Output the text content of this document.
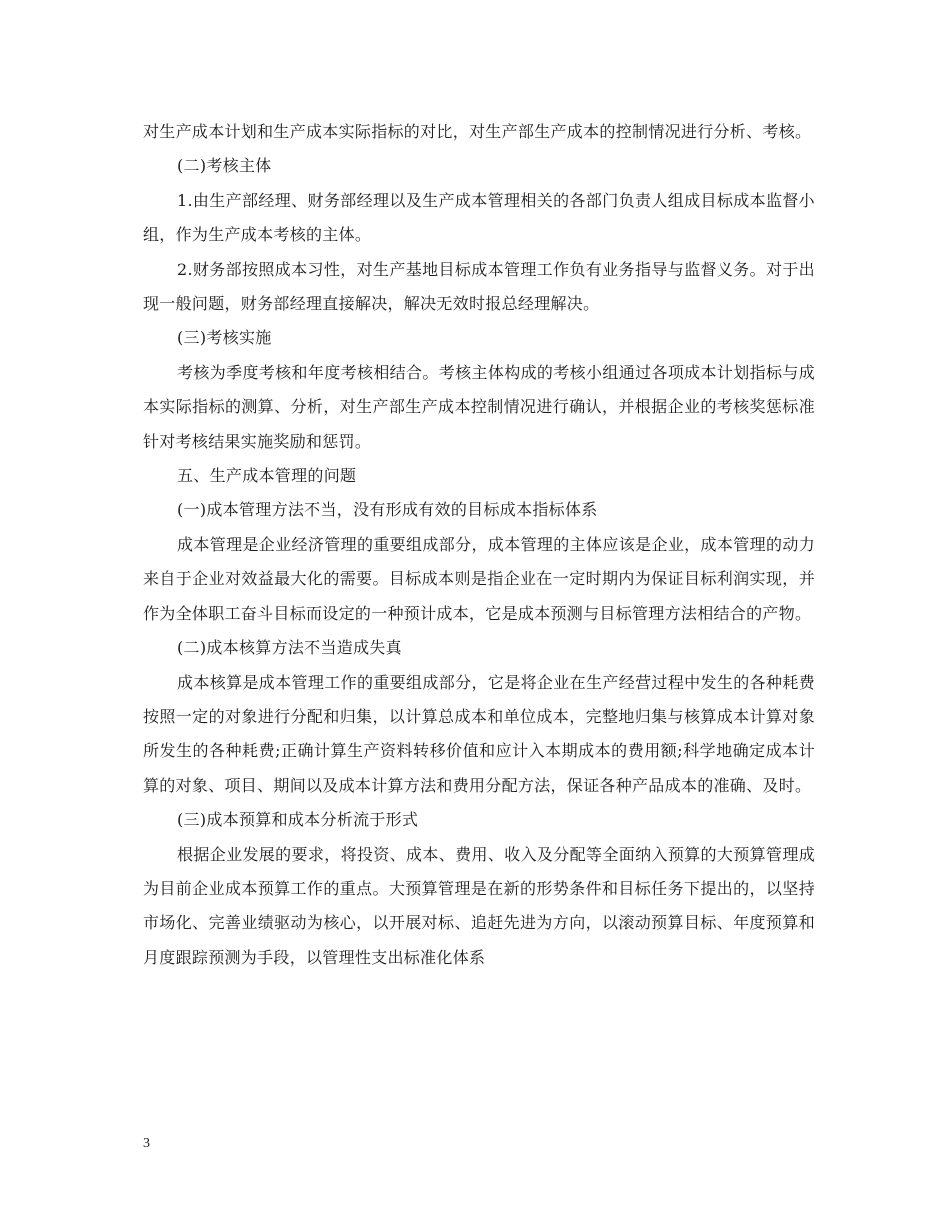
对生产成本计划和生产成本实际指标的对比，对生产部生产成本的控制情况进行分析、考核。

(二)考核主体

1.由生产部经理、财务部经理以及生产成本管理相关的各部门负责人组成目标成本监督小组，作为生产成本考核的主体。

2.财务部按照成本习性，对生产基地目标成本管理工作负有业务指导与监督义务。对于出现一般问题，财务部经理直接解决，解决无效时报总经理解决。

(三)考核实施

考核为季度考核和年度考核相结合。考核主体构成的考核小组通过各项成本计划指标与成本实际指标的测算、分析，对生产部生产成本控制情况进行确认，并根据企业的考核奖惩标准针对考核结果实施奖励和惩罚。

五、生产成本管理的问题

(一)成本管理方法不当，没有形成有效的目标成本指标体系

成本管理是企业经济管理的重要组成部分，成本管理的主体应该是企业，成本管理的动力来自于企业对效益最大化的需要。目标成本则是指企业在一定时期内为保证目标利润实现，并作为全体职工奋斗目标而设定的一种预计成本，它是成本预测与目标管理方法相结合的产物。

(二)成本核算方法不当造成失真

成本核算是成本管理工作的重要组成部分，它是将企业在生产经营过程中发生的各种耗费按照一定的对象进行分配和归集，以计算总成本和单位成本，完整地归集与核算成本计算对象所发生的各种耗费;正确计算生产资料转移价值和应计入本期成本的费用额;科学地确定成本计算的对象、项目、期间以及成本计算方法和费用分配方法，保证各种产品成本的准确、及时。

(三)成本预算和成本分析流于形式

根据企业发展的要求，将投资、成本、费用、收入及分配等全面纳入预算的大预算管理成为目前企业成本预算工作的重点。大预算管理是在新的形势条件和目标任务下提出的，以坚持市场化、完善业绩驱动为核心，以开展对标、追赶先进为方向，以滚动预算目标、年度预算和月度跟踪预测为手段，以管理性支出标准化体系

3
